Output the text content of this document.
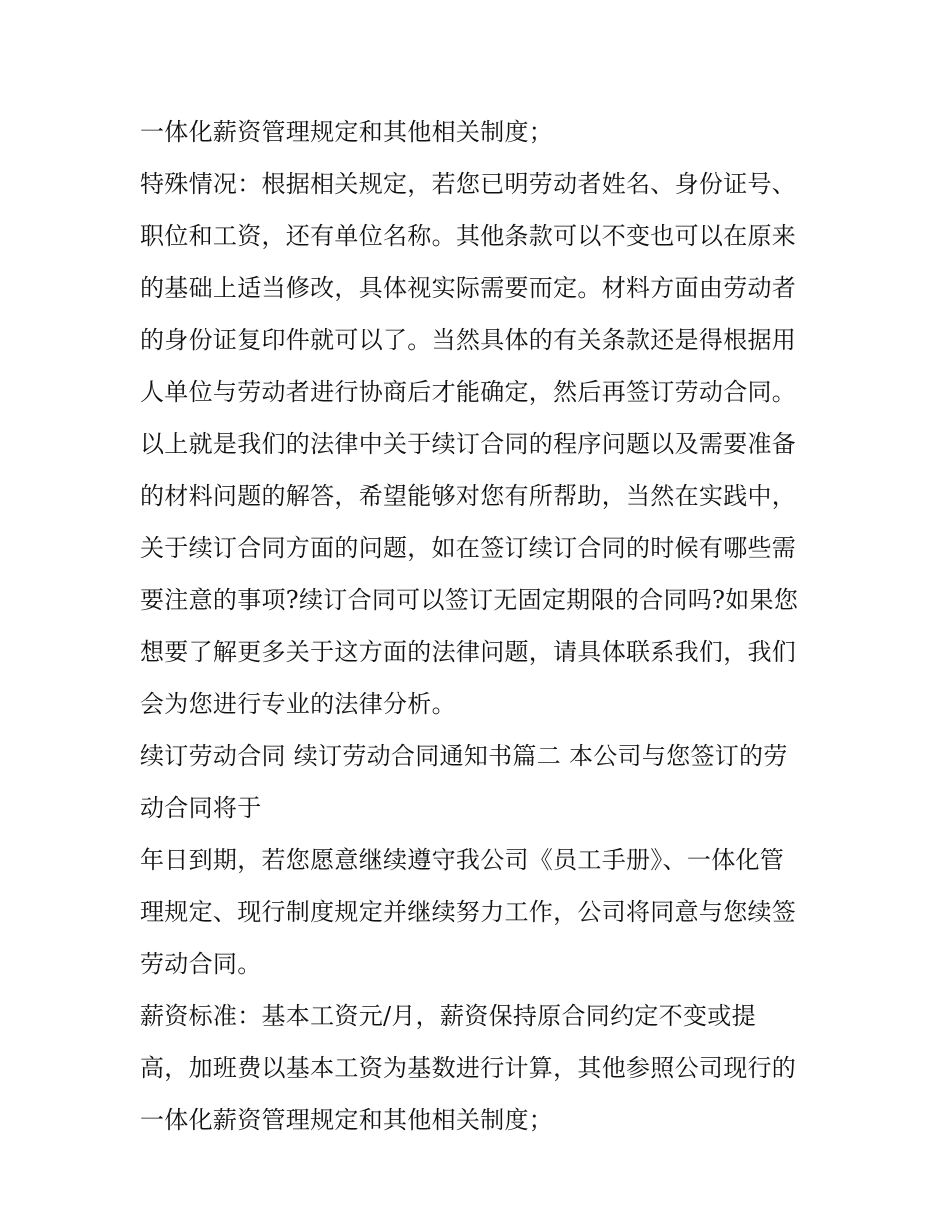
一体化薪资管理规定和其他相关制度；
特殊情况：根据相关规定，若您已明劳动者姓名、身份证号、
职位和工资，还有单位名称。其他条款可以不变也可以在原来
的基础上适当修改，具体视实际需要而定。材料方面由劳动者
的身份证复印件就可以了。当然具体的有关条款还是得根据用
人单位与劳动者进行协商后才能确定，然后再签订劳动合同。
以上就是我们的法律中关于续订合同的程序问题以及需要准备
的材料问题的解答，希望能够对您有所帮助，当然在实践中，
关于续订合同方面的问题，如在签订续订合同的时候有哪些需
要注意的事项?续订合同可以签订无固定期限的合同吗?如果您
想要了解更多关于这方面的法律问题，请具体联系我们，我们
会为您进行专业的法律分析。
续订劳动合同 续订劳动合同通知书篇二 本公司与您签订的劳
动合同将于
年日到期，若您愿意继续遵守我公司《员工手册》、一体化管
理规定、现行制度规定并继续努力工作，公司将同意与您续签
劳动合同。
薪资标准：基本工资元/月，薪资保持原合同约定不变或提
高，加班费以基本工资为基数进行计算，其他参照公司现行的
一体化薪资管理规定和其他相关制度；
